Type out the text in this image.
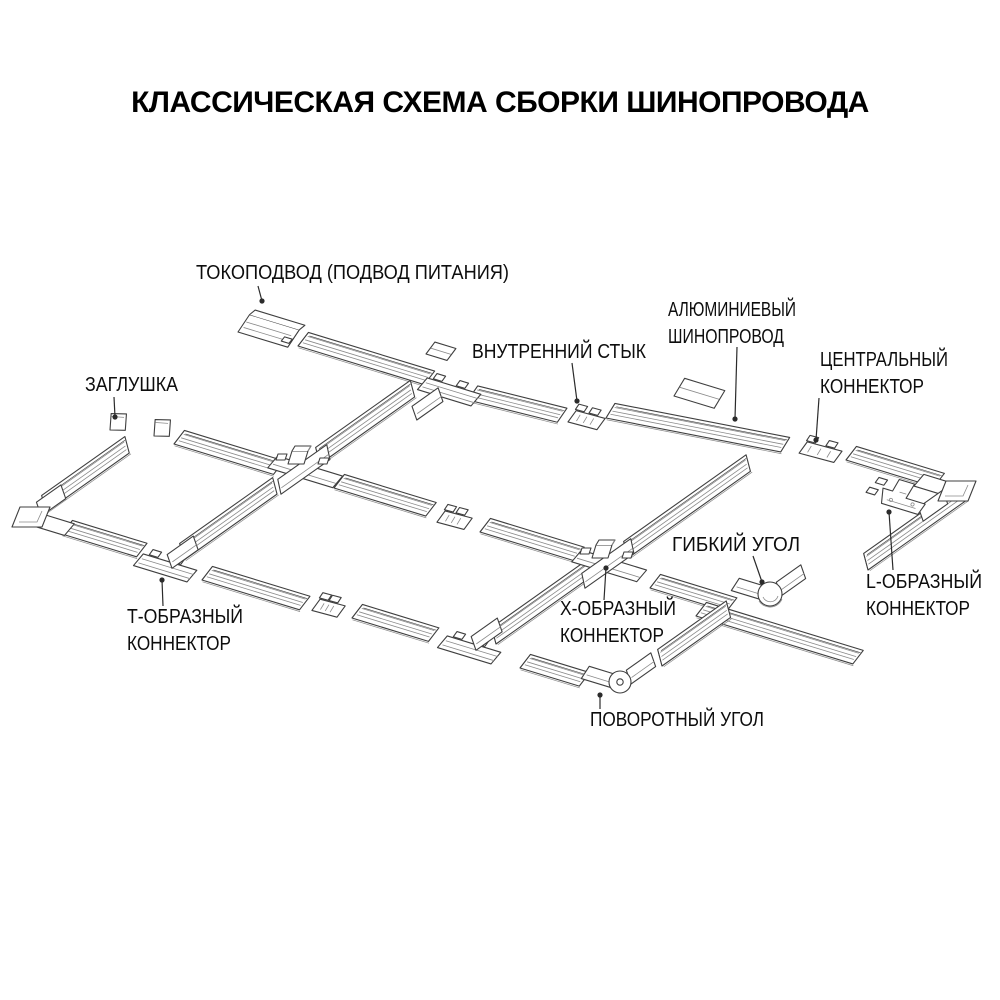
КЛАССИЧЕСКАЯ СХЕМА СБОРКИ ШИНОПРОВОДА
ТОКОПОДВОД (ПОДВОД ПИТАНИЯ)
ЗАГЛУШКА
ВНУТРЕННИЙ СТЫК
АЛЮМИНИЕВЫЙ
ШИНОПРОВОД
ЦЕНТРАЛЬНЫЙ
КОННЕКТОР
ГИБКИЙ УГОЛ
L-ОБРАЗНЫЙ
КОННЕКТОР
Т-ОБРАЗНЫЙ
КОННЕКТОР
Х-ОБРАЗНЫЙ
КОННЕКТОР
ПОВОРОТНЫЙ УГОЛ
